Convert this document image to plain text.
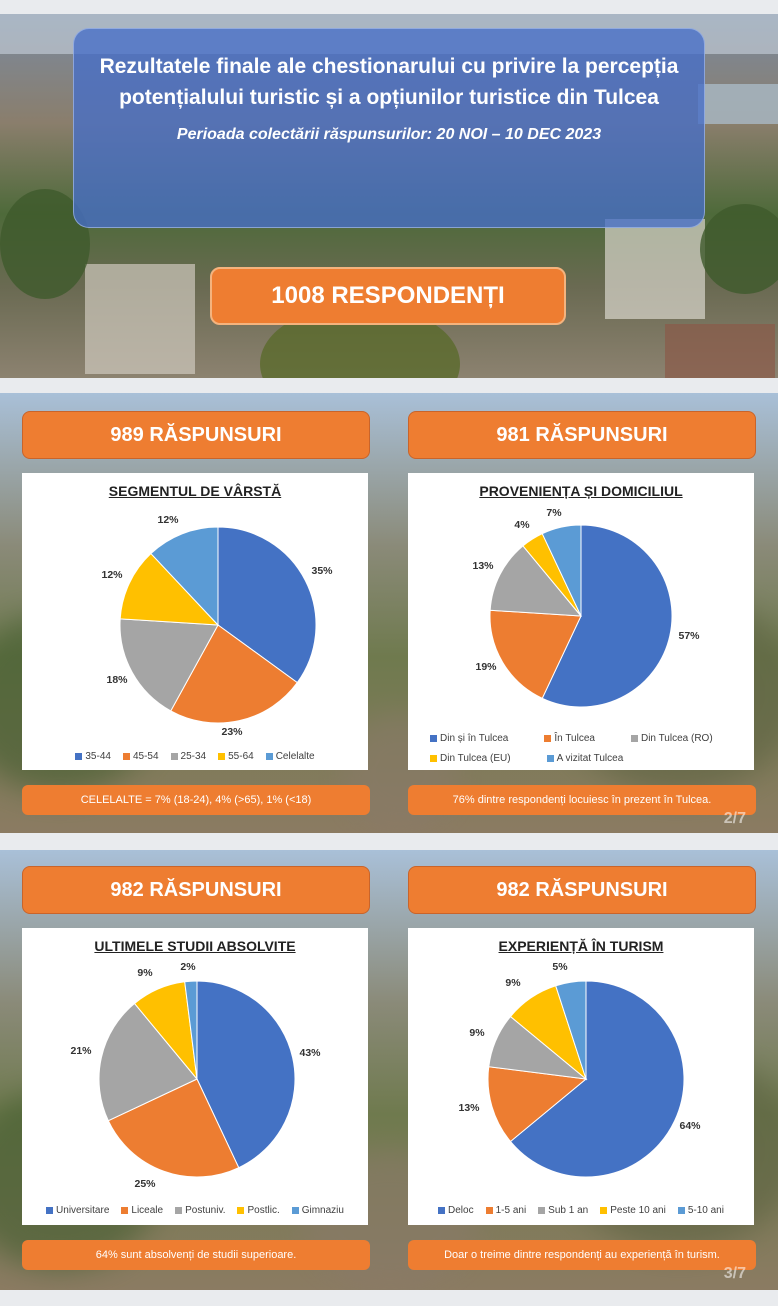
Rezultatele finale ale chestionarului cu privire la percepția potențialului turistic și a opțiunilor turistice din Tulcea

Perioada colectării răspunsurilor: 20 NOI – 10 DEC 2023

1008 RESPONDENȚI
989 RĂSPUNSURI
SEGMENTUL DE VÂRSTĂ
35%
23%
18%
12%
12%
35-44 45-54 25-34 55-64 Celelalte
CELELALTE = 7% (18-24), 4% (>65), 1% (<18)
981 RĂSPUNSURI
PROVENIENȚA ȘI DOMICILIUL
57%
19%
13%
4%
7%
Din și în Tulcea	În Tulcea	Din Tulcea (RO)
Din Tulcea (EU)	A vizitat Tulcea
76% dintre respondenți locuiesc în prezent în Tulcea.
2/7
982 RĂSPUNSURI
ULTIMELE STUDII ABSOLVITE
43%
25%
21%
9%	2%
Universitare Liceale Postuniv. Postlic. Gimnaziu
64% sunt absolvenți de studii superioare.
982 RĂSPUNSURI
EXPERIENȚĂ ÎN TURISM
64%
13%
9%
9%
5%
Deloc 1-5 ani Sub 1 an Peste 10 ani 5-10 ani
Doar o treime dintre respondenți au experiență în turism.
3/7
